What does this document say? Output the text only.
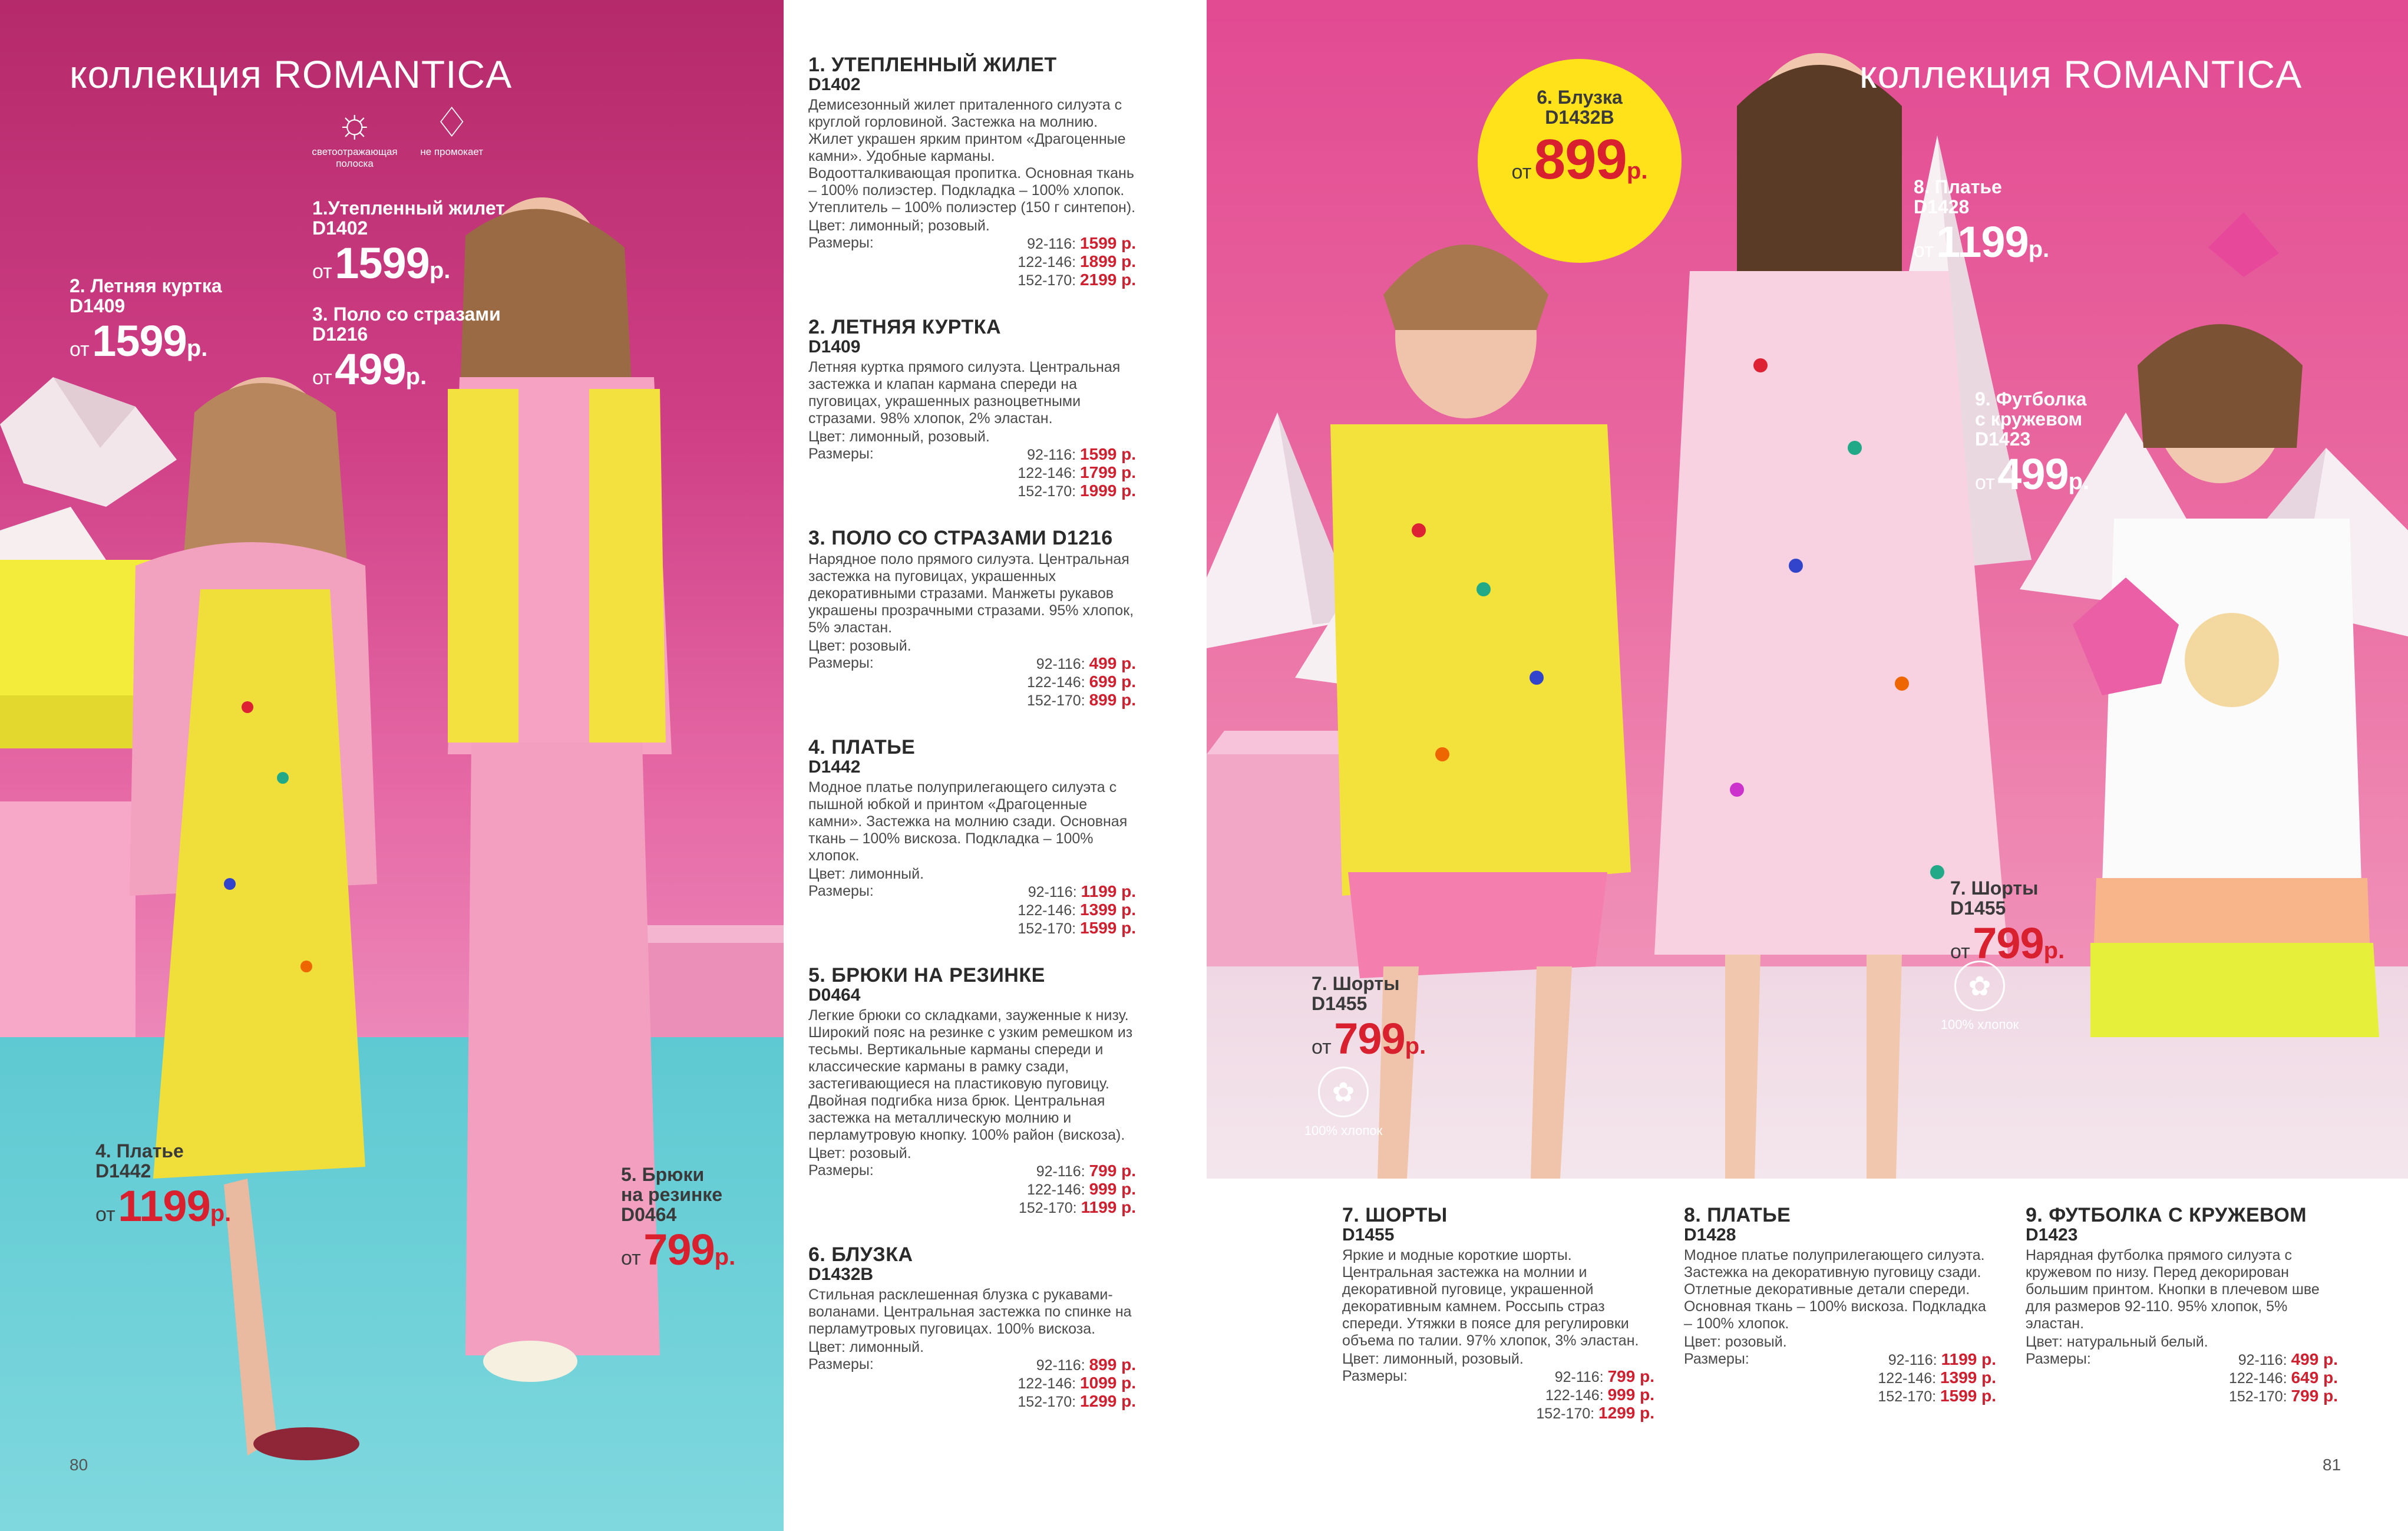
коллекция ROMANTICA
☼
светоотражающая полоска

♢
не промокает
1.Утепленный жилет
D1402
от 1599р.
2. Летняя куртка
D1409
от 1599р.
3. Поло со стразами
D1216
от 499р.
4. Платье
D1442
от 1199р.
5. Брюки
на резинке
D0464
от 799р.
80
1. УТЕПЛЕННЫЙ ЖИЛЕТ
D1402
Демисезонный жилет приталенного силуэта с круглой горловиной. Застежка на молнию. Жилет украшен ярким принтом «Драгоценные камни». Удобные карманы. Водоотталкивающая пропитка. Основная ткань – 100% полиэстер. Подкладка – 100% хлопок. Утеплитель – 100% полиэстер (150 г синтепон).
Цвет: лимонный; розовый.
Размеры:	92-116: 1599 р.
122-146: 1899 р.
152-170: 2199 р.
2. ЛЕТНЯЯ КУРТКА
D1409
Летняя куртка прямого силуэта. Центральная застежка и клапан кармана спереди на пуговицах, украшенных разноцветными стразами. 98% хлопок, 2% эластан.
Цвет: лимонный, розовый.
Размеры:	92-116: 1599 р.
122-146: 1799 р.
152-170: 1999 р.
3. ПОЛО СО СТРАЗАМИ D1216
Нарядное поло прямого силуэта. Центральная застежка на пуговицах, украшенных декоративными стразами. Манжеты рукавов украшены прозрачными стразами. 95% хлопок, 5% эластан.
Цвет: розовый.
Размеры:	92-116: 499 р.
122-146: 699 р.
152-170: 899 р.
4. ПЛАТЬЕ
D1442
Модное платье полуприлегающего силуэта с пышной юбкой и принтом «Драгоценные камни». Застежка на молнию сзади. Основная ткань – 100% вискоза. Подкладка – 100% хлопок.
Цвет: лимонный.
Размеры:	92-116: 1199 р.
122-146: 1399 р.
152-170: 1599 р.
5. БРЮКИ НА РЕЗИНКЕ
D0464
Легкие брюки со складками, зауженные к низу. Широкий пояс на резинке с узким ремешком из тесьмы. Вертикальные карманы спереди и классические карманы в рамку сзади, застегивающиеся на пластиковую пуговицу. Двойная подгибка низа брюк. Центральная застежка на металлическую молнию и перламутровую кнопку. 100% район (вискоза).
Цвет: розовый.
Размеры:	92-116: 799 р.
122-146: 999 р.
152-170: 1199 р.
6. БЛУЗКА
D1432B
Стильная расклешенная блузка с рукавами-воланами. Центральная застежка по спинке на перламутровых пуговицах. 100% вискоза.
Цвет: лимонный.
Размеры:	92-116: 899 р.
122-146: 1099 р.
152-170: 1299 р.
коллекция ROMANTICA
6. Блузка
D1432B
от 899р.
8. Платье
D1428
от 1199р.
9. Футболка
с кружевом
D1423
от 499р.
7. Шорты
D1455
от 799р.
7. Шорты
D1455
от 799р.
✿
100% хлопок
✿
100% хлопок
7. ШОРТЫ
D1455
Яркие и модные короткие шорты. Центральная застежка на молнии и декоративной пуговице, украшенной декоративным камнем. Россыпь страз спереди. Утяжки в поясе для регулировки объема по талии. 97% хлопок, 3% эластан.
Цвет: лимонный, розовый.
Размеры:	92-116: 799 р.
122-146: 999 р.
152-170: 1299 р.
8. ПЛАТЬЕ
D1428
Модное платье полуприлегающего силуэта. Застежка на декоративную пуговицу сзади. Отлетные декоративные детали спереди. Основная ткань – 100% вискоза. Подкладка – 100% хлопок.
Цвет: розовый.
Размеры:	92-116: 1199 р.
122-146: 1399 р.
152-170: 1599 р.
9. ФУТБОЛКА С КРУЖЕВОМ
D1423
Нарядная футболка прямого силуэта с кружевом по низу. Перед декорирован большим принтом. Кнопки в плечевом шве для размеров 92-110. 95% хлопок, 5% эластан.
Цвет: натуральный белый.
Размеры:	92-116: 499 р.
122-146: 649 р.
152-170: 799 р.
81
